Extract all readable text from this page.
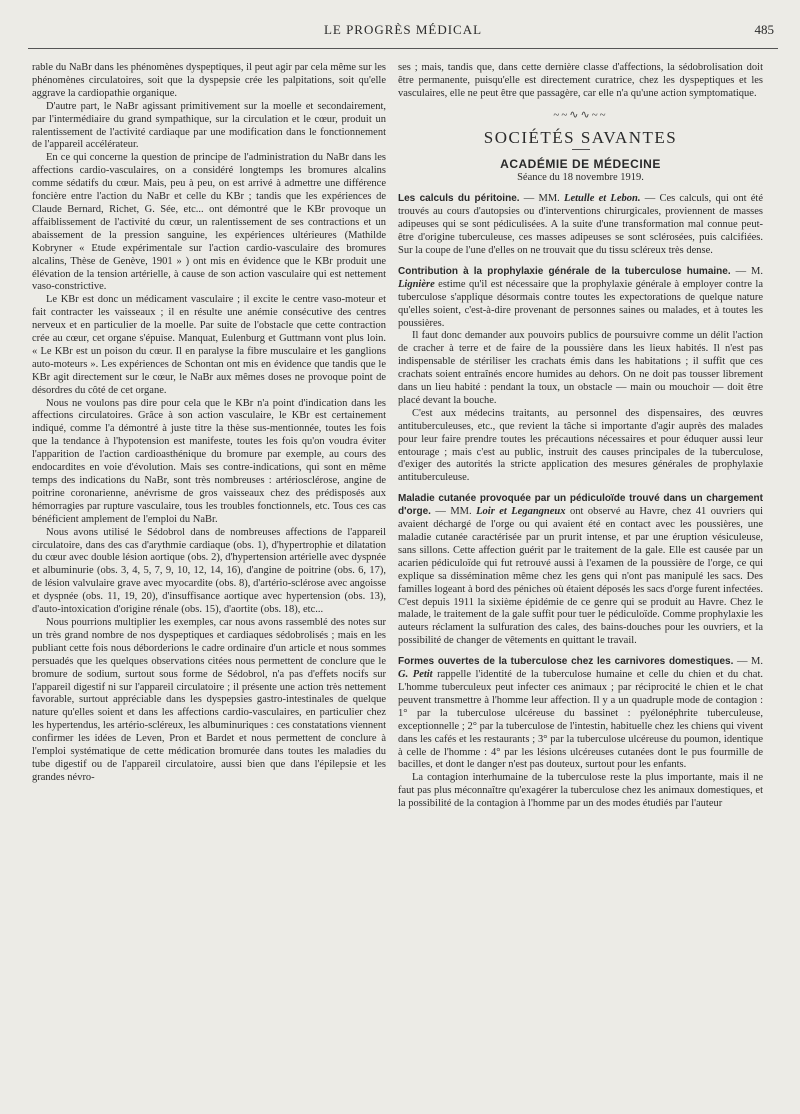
LE PROGRÈS MÉDICAL	485

rable du NaBr dans les phénomènes dyspeptiques, il peut agir par cela même sur les phénomènes circulatoires, soit que la dyspepsie crée les palpitations, soit qu'elle aggrave la cardiopathie organique.

D'autre part, le NaBr agissant primitivement sur la moelle et secondairement, par l'intermédiaire du grand sympathique, sur la circulation et le cœur, produit un ralentissement de l'activité cardiaque par une modification dans le fonctionnement de l'appareil accélérateur.

En ce qui concerne la question de principe de l'administration du NaBr dans les affections cardio-vasculaires, on a considéré longtemps les bromures alcalins comme sédatifs du cœur. Mais, peu à peu, on est arrivé à admettre une différence foncière entre l'action du NaBr et celle du KBr ; tandis que les expériences de Claude Bernard, Richet, G. Sée, etc... ont démontré que le KBr provoque un affaiblissement de l'activité du cœur, un ralentissement de ses contractions et un abaissement de la pression sanguine, les expériences ultérieures (Mathilde Kobryner « Etude expérimentale sur l'action cardio-vasculaire des bromures alcalins, Thèse de Genève, 1901 » ) ont mis en évidence que le KBr produit une élévation de la tension artérielle, à cause de son action vasculaire qui est nettement vaso-constrictive.

Le KBr est donc un médicament vasculaire ; il excite le centre vaso-moteur et fait contracter les vaisseaux ; il en résulte une anémie consécutive des centres nerveux et en particulier de la moelle. Par suite de l'obstacle que cette contraction crée au cœur, cet organe s'épuise. Manquat, Eulenburg et Guttmann vont plus loin. « Le KBr est un poison du cœur. Il en paralyse la fibre musculaire et les ganglions auto-moteurs ». Les expériences de Schontan ont mis en évidence que tandis que le KBr agit directement sur le cœur, le NaBr aux mêmes doses ne provoque point de désordres du côté de cet organe.

Nous ne voulons pas dire pour cela que le KBr n'a point d'indication dans les affections circulatoires. Grâce à son action vasculaire, le KBr est certainement indiqué, comme l'a démontré à juste titre la thèse sus-mentionnée, toutes les fois que la tendance à l'hypotension est manifeste, toutes les fois qu'on voudra éviter l'apparition de l'action cardioasthénique du bromure par exemple, au cours des endocardites en voie d'évolution. Mais ses contre-indications, qui sont en même temps des indications du NaBr, sont très nombreuses : artériosclérose, angine de poitrine coronarienne, anévrisme de gros vaisseaux chez des prédisposés aux hémorragies par rupture vasculaire, tous les troubles fonctionnels, etc. Tous ces cas bénéficient amplement de l'emploi du NaBr.

Nous avons utilisé le Sédobrol dans de nombreuses affections de l'appareil circulatoire, dans des cas d'arythmie cardiaque (obs. 1), d'hypertrophie et dilatation du cœur avec double lésion aortique (obs. 2), d'hypertension artérielle avec dyspnée et albuminurie (obs. 3, 4, 5, 7, 9, 10, 12, 14, 16), d'angine de poitrine (obs. 6, 17), de lésion valvulaire grave avec myocardite (obs. 8), d'artério-sclérose avec angoisse et dyspnée (obs. 11, 19, 20), d'insuffisance aortique avec hypertension (obs. 13), d'auto-intoxication d'origine rénale (obs. 15), d'aortite (obs. 18), etc...

Nous pourrions multiplier les exemples, car nous avons rassemblé des notes sur un très grand nombre de nos dyspeptiques et cardiaques sédobrolisés ; mais en les publiant cette fois nous déborderions le cadre ordinaire d'un article et nous sommes persuadés que les quelques observations citées nous permettent de conclure que le bromure de sodium, surtout sous forme de Sédobrol, n'a pas d'effets nocifs sur l'appareil digestif ni sur l'appareil circulatoire ; il présente une action très nettement favorable, surtout appréciable dans les dyspepsies gastro-intestinales de quelque nature qu'elles soient et dans les affections cardio-vasculaires, en particulier chez les hypertendus, les artério-scléreux, les albuminuriques : ces constatations viennent confirmer les idées de Leven, Pron et Bardet et nous permettent de conclure à l'emploi systématique de cette médication bromurée dans toutes les maladies du tube digestif ou de l'appareil circulatoire, aussi bien que dans l'épilepsie et les grandes névro-

ses ; mais, tandis que, dans cette dernière classe d'affections, la sédobrolisation doit être permanente, puisqu'elle est directement curatrice, chez les dyspeptiques et les vasculaires, elle ne peut être que passagère, car elle n'a qu'une action symptomatique.

~~∿∿~~
SOCIÉTÉS SAVANTES
ACADÉMIE DE MÉDECINE
Séance du 18 novembre 1919.

Les calculs du péritoine. — MM. Letulle et Lebon. — Ces calculs, qui ont été trouvés au cours d'autopsies ou d'interventions chirurgicales, proviennent de masses adipeuses qui se sont pédiculisées. A la suite d'une transformation mal connue peut-être d'origine tuberculeuse, ces masses adipeuses se sont sclérosées, puis calcifiées. Sur la coupe de l'une d'elles on ne trouvait que du tissu scléreux très dense.

Contribution à la prophylaxie générale de la tuberculose humaine. — M. Lignière estime qu'il est nécessaire que la prophylaxie générale à employer contre la tuberculose s'applique désormais contre toutes les expectorations de quelque nature qu'elles soient, c'est-à-dire provenant de personnes saines ou malades, et à toutes les poussières.

Il faut donc demander aux pouvoirs publics de poursuivre comme un délit l'action de cracher à terre et de faire de la poussière dans les lieux habités. Il n'est pas indispensable de stériliser les crachats émis dans les habitations ; il suffit que ces crachats soient entraînés encore humides au dehors. On ne doit pas tousser librement dans un lieu habité : pendant la toux, un obstacle — main ou mouchoir — doit être placé devant la bouche.

C'est aux médecins traitants, au personnel des dispensaires, des œuvres antituberculeuses, etc., que revient la tâche si importante d'agir auprès des malades pour leur faire prendre toutes les précautions nécessaires et pour éduquer aussi leur entourage ; mais c'est au public, instruit des causes principales de la tuberculose, d'exiger des autorités la stricte application des mesures générales de prophylaxie antituberculeuse.

Maladie cutanée provoquée par un pédiculoïde trouvé dans un chargement d'orge. — MM. Loir et Legangneux ont observé au Havre, chez 41 ouvriers qui avaient déchargé de l'orge ou qui avaient été en contact avec les poussières, une maladie cutanée caractérisée par un prurit intense, et par une éruption vésiculeuse, sans sillons. Cette affection guérit par le traitement de la gale. Elle est causée par un acarien pédiculoïde qui fut retrouvé aussi à l'examen de la poussière de l'orge, ce qui explique sa dissémination même chez les gens qui n'ont pas manipulé les sacs. Des familles logeant à bord des péniches où étaient déposés les sacs d'orge furent infectées. C'est depuis 1911 la sixième épidémie de ce genre qui se produit au Havre. Chez le malade, le traitement de la gale suffit pour tuer le pédiculoïde. Comme prophylaxie les auteurs réclament la sulfuration des cales, des bains-douches pour les ouvriers, et la possibilité de changer de vêtements en quittant le travail.

Formes ouvertes de la tuberculose chez les carnivores domestiques. — M. G. Petit rappelle l'identité de la tuberculose humaine et celle du chien et du chat. L'homme tuberculeux peut infecter ces animaux ; par réciprocité le chien et le chat peuvent transmettre à l'homme leur affection. Il y a un quadruple mode de contagion : 1° par la tuberculose ulcéreuse du bassinet : pyélonéphrite tuberculeuse, exceptionnelle ; 2° par la tuberculose de l'intestin, habituelle chez les chiens qui vivent dans les cafés et les restaurants ; 3° par la tuberculose ulcéreuse du poumon, identique à celle de l'homme : 4° par les lésions ulcéreuses cutanées dont le pus fourmille de bacilles, et dont le danger n'est pas douteux, surtout pour les enfants.

La contagion interhumaine de la tuberculose reste la plus importante, mais il ne faut pas plus méconnaître qu'exagérer la tuberculose chez les animaux domestiques, et la possibilité de la contagion à l'homme par un des modes étudiés par l'auteur
